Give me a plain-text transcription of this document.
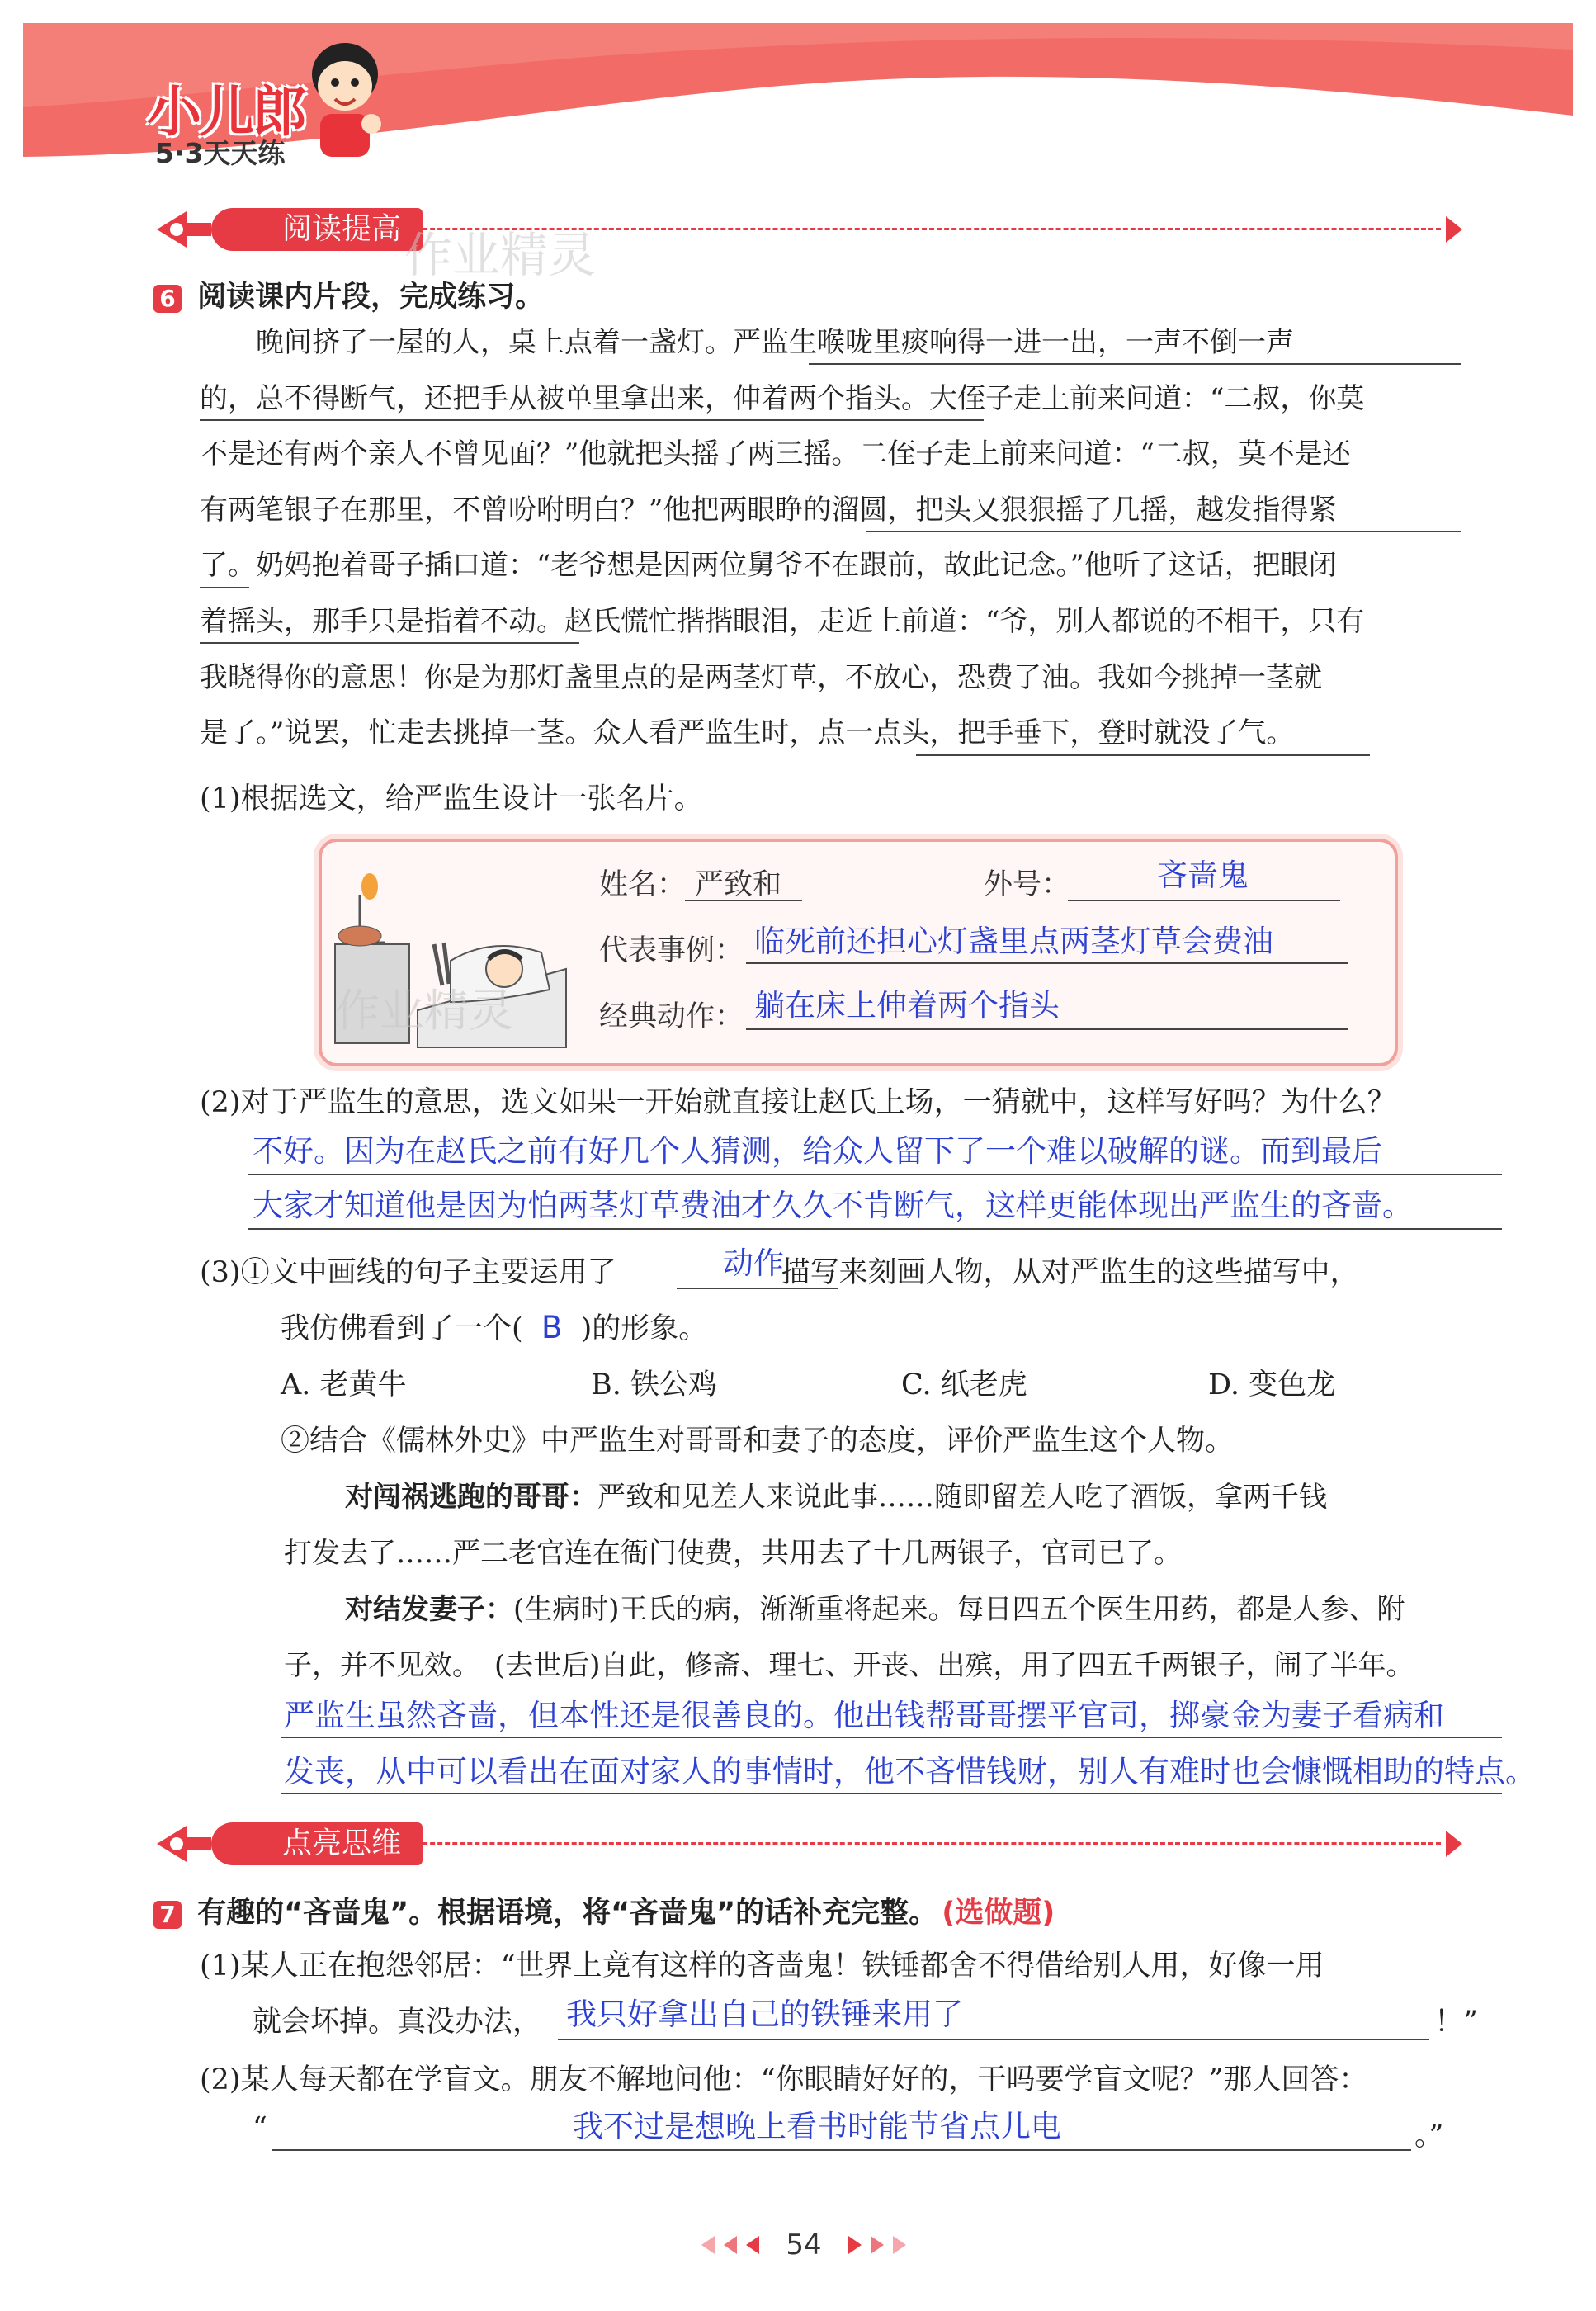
小儿郎
5·3天天练
阅读提高 作业精灵
6 阅读课内片段，完成练习。
晚间挤了一屋的人，桌上点着一盏灯。严监生喉咙里痰响得一进一出，一声不倒一声
的，总不得断气，还把手从被单里拿出来，伸着两个指头。大侄子走上前来问道：“二叔，你莫
不是还有两个亲人不曾见面？”他就把头摇了两三摇。二侄子走上前来问道：“二叔，莫不是还
有两笔银子在那里，不曾吩咐明白？”他把两眼睁的溜圆，把头又狠狠摇了几摇，越发指得紧
了。奶妈抱着哥子插口道：“老爷想是因两位舅爷不在跟前，故此记念。”他听了这话，把眼闭
着摇头，那手只是指着不动。赵氏慌忙揩揩眼泪，走近上前道：“爷，别人都说的不相干，只有
我晓得你的意思！你是为那灯盏里点的是两茎灯草，不放心，恐费了油。我如今挑掉一茎就
是了。”说罢，忙走去挑掉一茎。众人看严监生时，点一点头，把手垂下，登时就没了气。
(1)根据选文，给严监生设计一张名片。
作业精灵
姓名： 严致和	外号：	吝啬鬼
代表事例： 临死前还担心灯盏里点两茎灯草会费油
经典动作： 躺在床上伸着两个指头
(2)对于严监生的意思，选文如果一开始就直接让赵氏上场，一猜就中，这样写好吗？为什么？
不好。因为在赵氏之前有好几个人猜测，给众人留下了一个难以破解的谜。而到最后
大家才知道他是因为怕两茎灯草费油才久久不肯断气，这样更能体现出严监生的吝啬。
(3)①文中画线的句子主要运用了	描写来刻画人物，从对严监生的这些描写中，
动作
我仿佛看到了一个( B )的形象。
A. 老黄牛	B. 铁公鸡	C. 纸老虎	D. 变色龙
②结合《儒林外史》中严监生对哥哥和妻子的态度，评价严监生这个人物。
对闯祸逃跑的哥哥：严致和见差人来说此事……随即留差人吃了酒饭，拿两千钱
打发去了……严二老官连在衙门使费，共用去了十几两银子，官司已了。
对结发妻子：(生病时)王氏的病，渐渐重将起来。每日四五个医生用药，都是人参、附
子，并不见效。　(去世后)自此，修斋、理七、开丧、出殡，用了四五千两银子，闹了半年。
严监生虽然吝啬，但本性还是很善良的。他出钱帮哥哥摆平官司，掷豪金为妻子看病和
发丧，从中可以看出在面对家人的事情时，他不吝惜钱财，别人有难时也会慷慨相助的特点。
点亮思维
7 有趣的“吝啬鬼”。根据语境，将“吝啬鬼”的话补充完整。 (选做题)
(1)某人正在抱怨邻居：“世界上竟有这样的吝啬鬼！铁锤都舍不得借给别人用，好像一用
就会坏掉。真没办法， 我只好拿出自己的铁锤来用了	！”
(2)某人每天都在学盲文。朋友不解地问他：“你眼睛好好的，干吗要学盲文呢？”那人回答：
“	我不过是想晚上看书时能节省点儿电	。”
54
